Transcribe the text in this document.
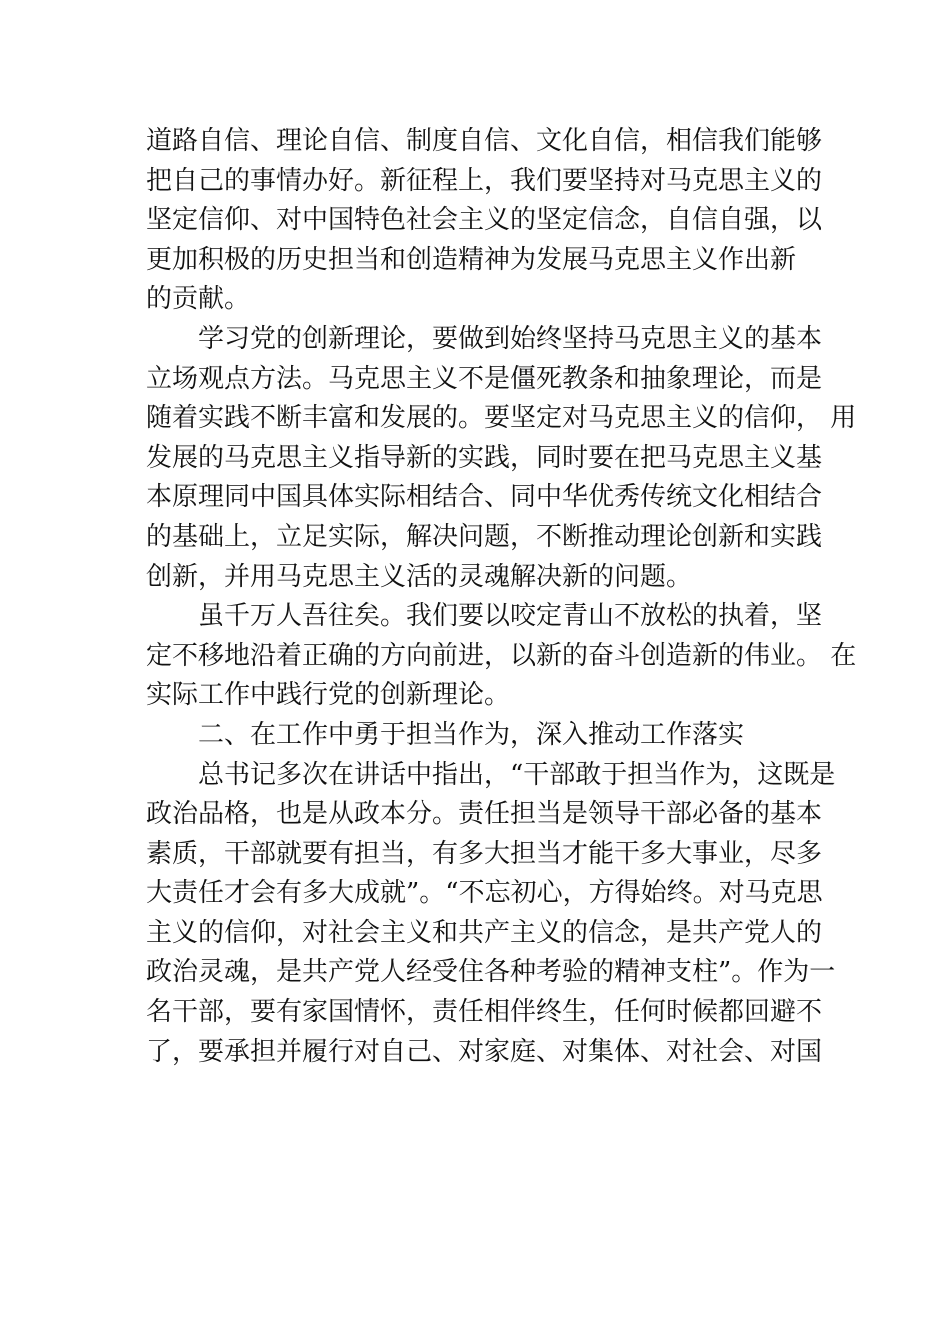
道路自信、理论自信、制度自信、文化自信，相信我们能够
把自己的事情办好。新征程上，我们要坚持对马克思主义的
坚定信仰、对中国特色社会主义的坚定信念，自信自强，以
更加积极的历史担当和创造精神为发展马克思主义作出新
的贡献。
学习党的创新理论，要做到始终坚持马克思主义的基本
立场观点方法。马克思主义不是僵死教条和抽象理论，而是
随着实践不断丰富和发展的。要坚定对马克思主义的信仰， 用
发展的马克思主义指导新的实践，同时要在把马克思主义基
本原理同中国具体实际相结合、同中华优秀传统文化相结合
的基础上，立足实际，解决问题，不断推动理论创新和实践
创新，并用马克思主义活的灵魂解决新的问题。
虽千万人吾往矣。我们要以咬定青山不放松的执着，坚
定不移地沿着正确的方向前进，以新的奋斗创造新的伟业。 在
实际工作中践行党的创新理论。
二、在工作中勇于担当作为，深入推动工作落实
总书记多次在讲话中指出，“干部敢于担当作为，这既是
政治品格，也是从政本分。责任担当是领导干部必备的基本
素质，干部就要有担当，有多大担当才能干多大事业，尽多
大责任才会有多大成就”。“不忘初心，方得始终。对马克思
主义的信仰，对社会主义和共产主义的信念，是共产党人的
政治灵魂，是共产党人经受住各种考验的精神支柱”。作为一
名干部，要有家国情怀，责任相伴终生，任何时候都回避不
了，要承担并履行对自己、对家庭、对集体、对社会、对国
